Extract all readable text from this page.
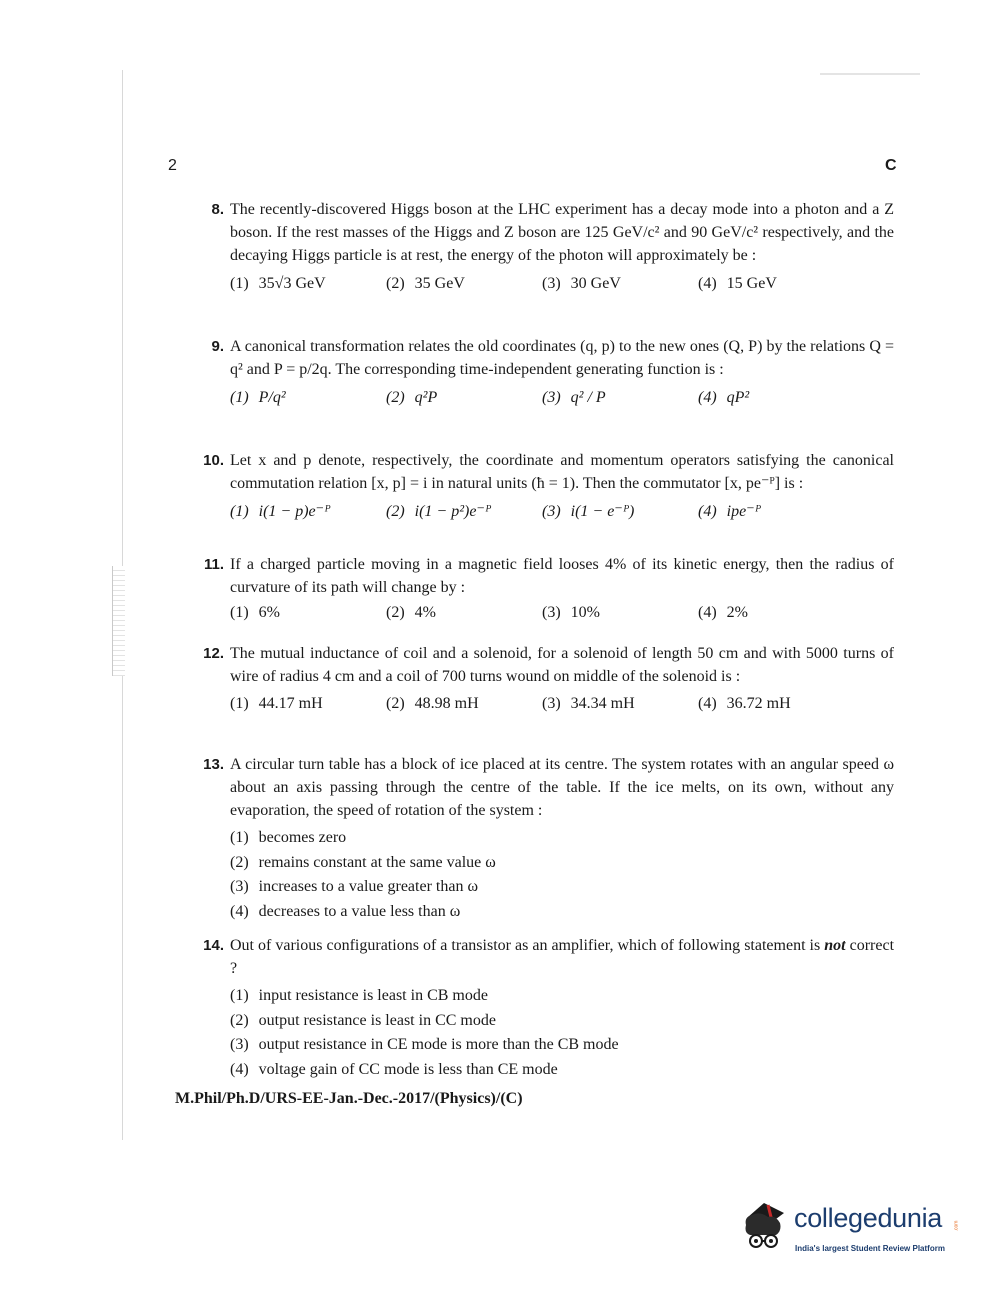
2	C
8. The recently-discovered Higgs boson at the LHC experiment has a decay mode into a photon and a Z boson. If the rest masses of the Higgs and Z boson are 125 GeV/c² and 90 GeV/c² respectively, and the decaying Higgs particle is at rest, the energy of the photon will approximately be :
(1) 35√3 GeV	(2) 35 GeV	(3) 30 GeV	(4) 15 GeV
9. A canonical transformation relates the old coordinates (q, p) to the new ones (Q, P) by the relations Q = q² and P = p/2q. The corresponding time-independent generating function is :
(1) P/q²	(2) q²P	(3) q² / P	(4) qP²
10. Let x and p denote, respectively, the coordinate and momentum operators satisfying the canonical commutation relation [x, p] = i in natural units (ħ = 1). Then the commutator [x, pe⁻ᴾ] is :
(1) i(1 − p)e⁻ᴾ	(2) i(1 − p²)e⁻ᴾ	(3) i(1 − e⁻ᴾ)	(4) ipe⁻ᴾ
11. If a charged particle moving in a magnetic field looses 4% of its kinetic energy, then the radius of curvature of its path will change by :
(1) 6%	(2) 4%	(3) 10%	(4) 2%
12. The mutual inductance of coil and a solenoid, for a solenoid of length 50 cm and with 5000 turns of wire of radius 4 cm and a coil of 700 turns wound on middle of the solenoid is :
(1) 44.17 mH	(2) 48.98 mH	(3) 34.34 mH	(4) 36.72 mH
13. A circular turn table has a block of ice placed at its centre. The system rotates with an angular speed ω about an axis passing through the centre of the table. If the ice melts, on its own, without any evaporation, the speed of rotation of the system :
(1) becomes zero
(2) remains constant at the same value ω
(3) increases to a value greater than ω
(4) decreases to a value less than ω
14. Out of various configurations of a transistor as an amplifier, which of following statement is not correct ?
(1) input resistance is least in CB mode
(2) output resistance is least in CC mode
(3) output resistance in CE mode is more than the CB mode
(4) voltage gain of CC mode is less than CE mode
M.Phil/Ph.D/URS-EE-Jan.-Dec.-2017/(Physics)/(C)
collegedunia .com
India's largest Student Review Platform
